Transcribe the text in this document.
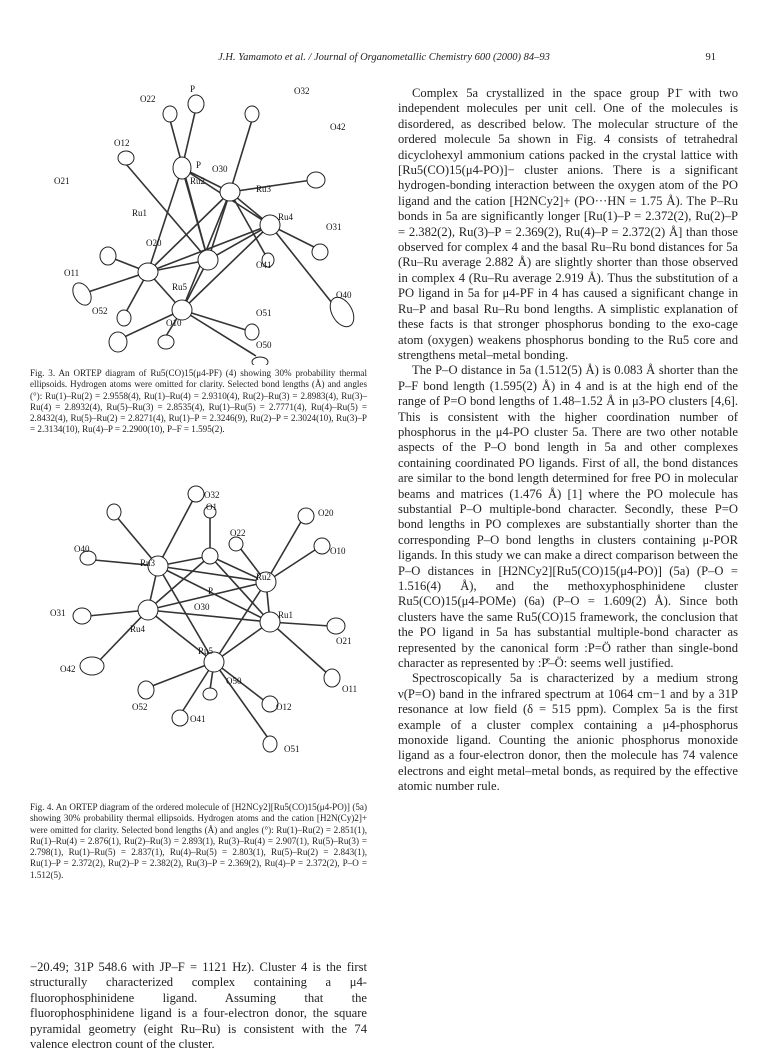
J.H. Yamamoto et al. / Journal of Organometallic Chemistry 600 (2000) 84–93	91
P	O32
O22
O12
O42
P
Ru2
O30
Ru3
O21
Ru1	Ru4
O31
O20
O41
O11
Ru5
O40
O52	O51
O10
O50

Fig. 3. An ORTEP diagram of Ru5(CO)15(μ4-PF) (4) showing 30% probability thermal ellipsoids. Hydrogen atoms were omitted for clarity. Selected bond lengths (Å) and angles (°): Ru(1)–Ru(2) = 2.9558(4), Ru(1)–Ru(4) = 2.9310(4), Ru(2)–Ru(3) = 2.8983(4), Ru(3)–Ru(4) = 2.8932(4), Ru(5)–Ru(3) = 2.8535(4), Ru(1)–Ru(5) = 2.7771(4), Ru(4)–Ru(5) = 2.8432(4), Ru(5)–Ru(2) = 2.8271(4), Ru(1)–P = 2.3246(9), Ru(2)–P = 2.3024(10), Ru(3)–P = 2.3134(10), Ru(4)–P = 2.2900(10), P–F = 1.595(2).

O32
O1
O20
O22
O40	O10
Ru3
Ru2
P
O30
O31	Ru1
O21
Ru4
O42
Ru5
O50
O11
O12
O52
O41
O51

Fig. 4. An ORTEP diagram of the ordered molecule of [H2NCy2][Ru5(CO)15(μ4-PO)] (5a) showing 30% probability thermal ellipsoids. Hydrogen atoms and the cation [H2N(Cy)2]+ were omitted for clarity. Selected bond lengths (Å) and angles (°): Ru(1)–Ru(2) = 2.851(1), Ru(1)–Ru(4) = 2.876(1), Ru(2)–Ru(3) = 2.893(1), Ru(3)–Ru(4) = 2.907(1), Ru(5)–Ru(3) = 2.798(1), Ru(1)–Ru(5) = 2.837(1), Ru(4)–Ru(5) = 2.803(1), Ru(5)–Ru(2) = 2.843(1), Ru(1)–P = 2.372(2), Ru(2)–P = 2.382(2), Ru(3)–P = 2.369(2), Ru(4)–P = 2.372(2), P–O = 1.512(5).

−20.49; 31P 548.6 with JP–F = 1121 Hz). Cluster 4 is the first structurally characterized complex containing a μ4-fluorophosphinidene ligand. Assuming that the fluorophosphinidene ligand is a four-electron donor, the square pyramidal geometry (eight Ru–Ru) is consistent with the 74 valence electron count of the cluster.

Complex 5a crystallized in the space group P1̄ with two independent molecules per unit cell. One of the molecules is disordered, as described below. The molecular structure of the ordered molecule 5a shown in Fig. 4 consists of tetrahedral dicyclohexyl ammonium cations packed in the crystal lattice with [Ru5(CO)15(μ4-PO)]− cluster anions. There is a significant hydrogen-bonding interaction between the oxygen atom of the PO ligand and the cation [H2NCy2]+ (PO···HN = 1.75 Å). The P–Ru bonds in 5a are significantly longer [Ru(1)–P = 2.372(2), Ru(2)–P = 2.382(2), Ru(3)–P = 2.369(2), Ru(4)–P = 2.372(2) Å] than those observed for complex 4 and the basal Ru–Ru bond distances for 5a (Ru–Ru average 2.882 Å) are slightly shorter than those observed in complex 4 (Ru–Ru average 2.919 Å). Thus the substitution of a PO ligand in 5a for μ4-PF in 4 has caused a significant change in Ru–P and basal Ru–Ru bond lengths. A simplistic explanation of these facts is that stronger phosphorus bonding to the exo-cage atom (oxygen) weakens phosphorus bonding to the Ru5 core and strengthens metal–metal bonding.

The P–O distance in 5a (1.512(5) Å) is 0.083 Å shorter than the P–F bond length (1.595(2) Å) in 4 and is at the high end of the range of P=O bond lengths of 1.48–1.52 Å in μ3-PO clusters [4,6]. This is consistent with the higher coordination number of phosphorus in the μ4-PO cluster 5a. There are two other notable aspects of the P–O bond length in 5a and other complexes containing coordinated PO ligands. First of all, the bond distances are similar to the bond length determined for free PO in molecular beams and matrices (1.476 Å) [1] where the PO molecule has substantial P–O multiple-bond character. Secondly, these P=O bond lengths in PO complexes are substantially shorter than the corresponding P–O bond lengths in clusters containing μ-POR ligands. In this study we can make a direct comparison between the P–O distances in [H2NCy2][Ru5(CO)15(μ4-PO)] (5a) (P–O = 1.516(4) Å), and the methoxyphosphinidene cluster Ru5(CO)15(μ4-POMe) (6a) (P–O = 1.609(2) Å). Since both clusters have the same Ru5(CO)15 framework, the conclusion that the PO ligand in 5a has substantial multiple-bond character as represented by the canonical form :P=Ö rather than single-bond character as represented by :P̊–Ö: seems well justified.

Spectroscopically 5a is characterized by a medium strong ν(P=O) band in the infrared spectrum at 1064 cm−1 and by a 31P resonance at low field (δ = 515 ppm). Complex 5a is the first example of a cluster complex containing a μ4-phosphorus monoxide ligand. Counting the anionic phosphorus monoxide ligand as a four-electron donor, then the molecule has 74 valence electrons and eight metal–metal bonds, as required by the effective atomic number rule.
